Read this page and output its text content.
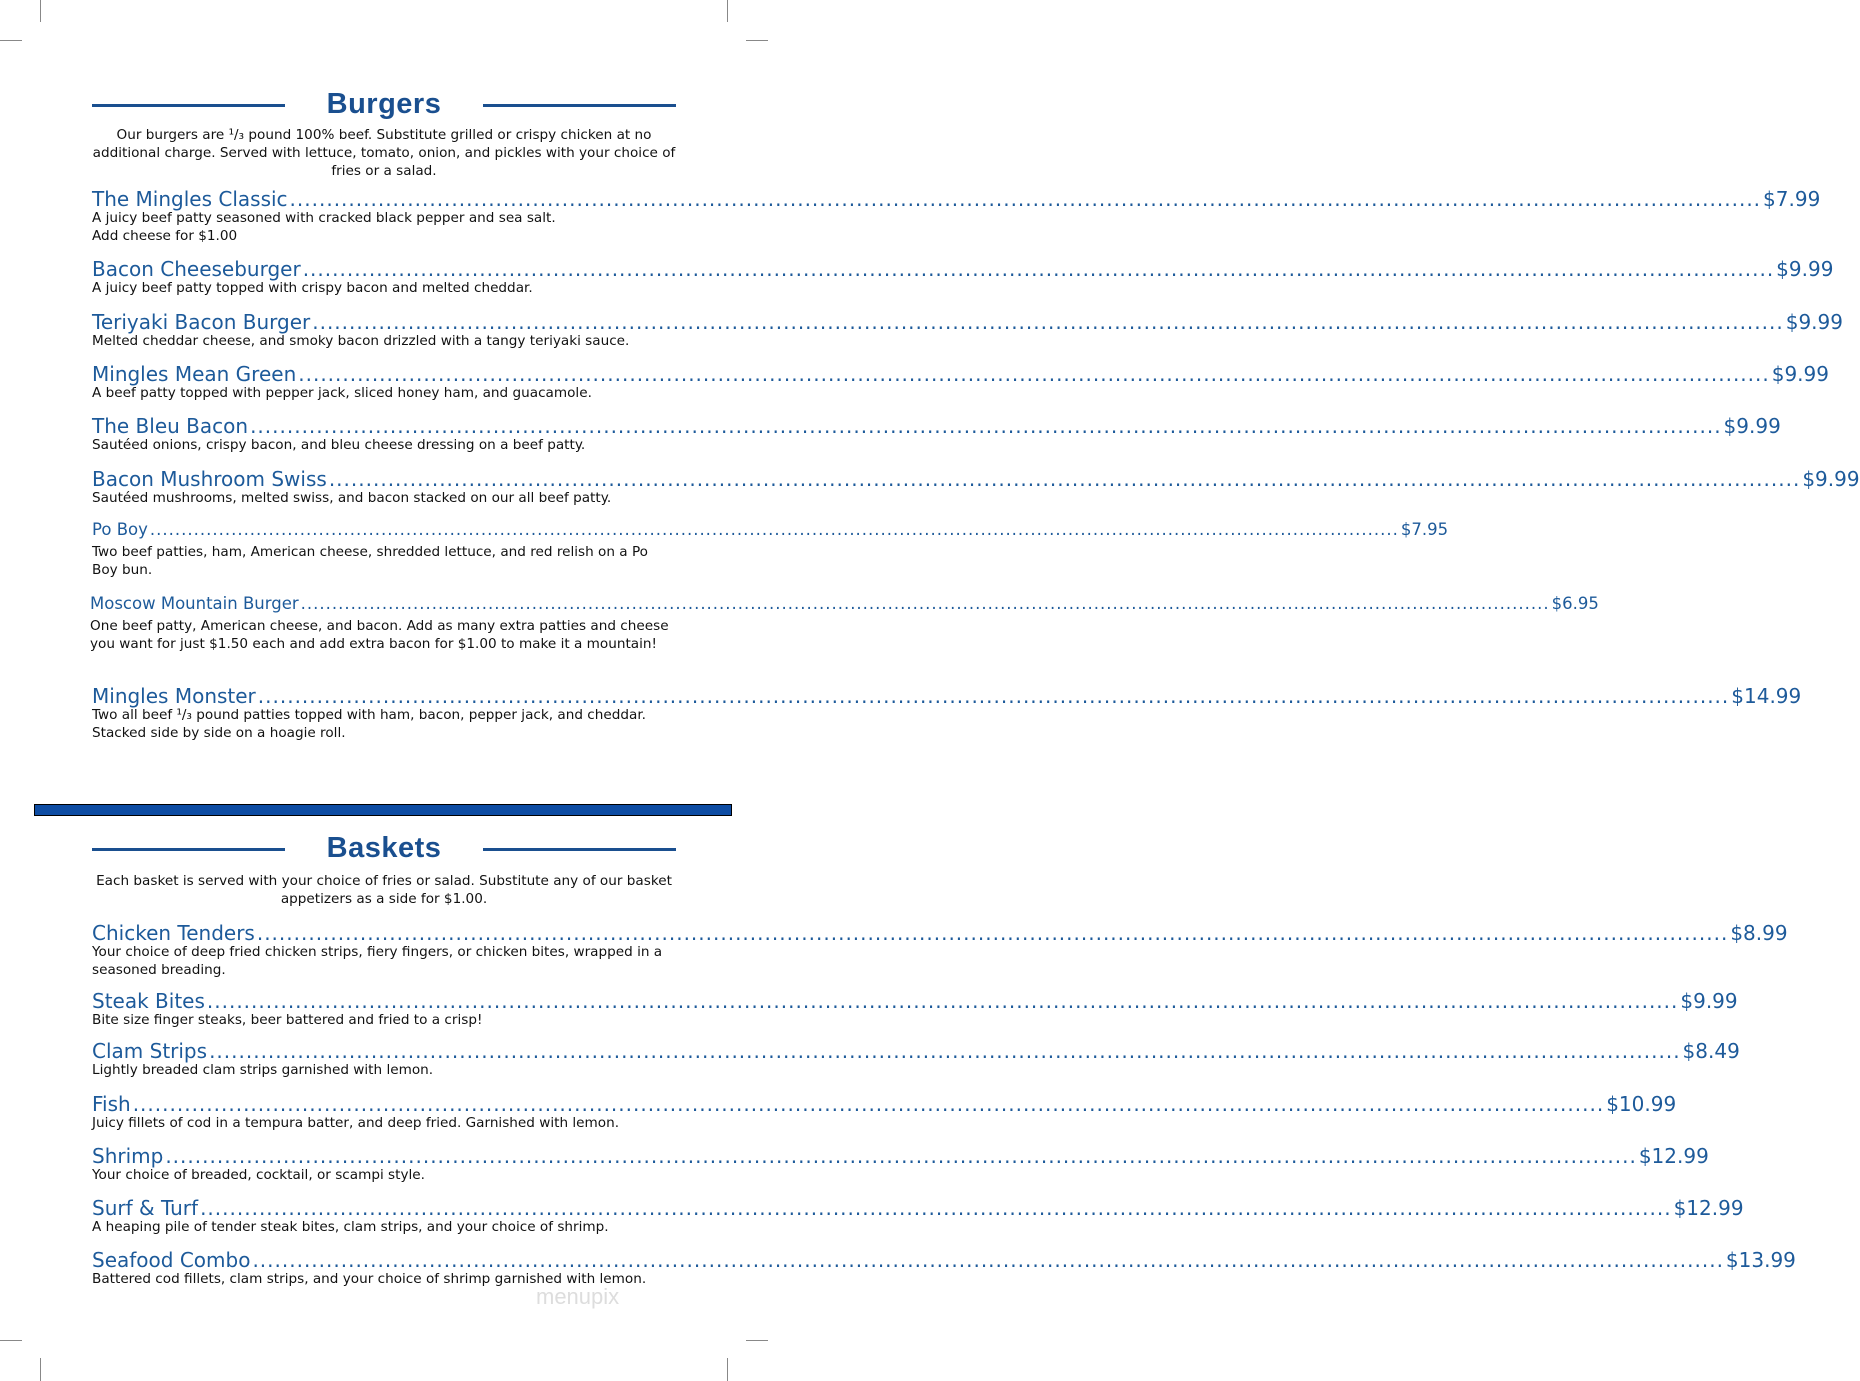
Burgers
Our burgers are ¹/₃ pound 100% beef. Substitute grilled or crispy chicken at no additional charge. Served with lettuce, tomato, onion, and pickles with your choice of fries or a salad.
The Mingles Classic ........................................................................................................................................................................................................ $7.99
A juicy beef patty seasoned with cracked black pepper and sea salt.
Add cheese for $1.00
Bacon Cheeseburger ........................................................................................................................................................................................................ $9.99
A juicy beef patty topped with crispy bacon and melted cheddar.
Teriyaki Bacon Burger ........................................................................................................................................................................................................ $9.99
Melted cheddar cheese, and smoky bacon drizzled with a tangy teriyaki sauce.
Mingles Mean Green ........................................................................................................................................................................................................ $9.99
A beef patty topped with pepper jack, sliced honey ham, and guacamole.
The Bleu Bacon ........................................................................................................................................................................................................ $9.99
Sautéed onions, crispy bacon, and bleu cheese dressing on a beef patty.
Bacon Mushroom Swiss ........................................................................................................................................................................................................ $9.99
Sautéed mushrooms, melted swiss, and bacon stacked on our all beef patty.
Po Boy ........................................................................................................................................................................................................ $7.95
Two beef patties, ham, American cheese, shredded lettuce, and red relish on a Po Boy bun.
Moscow Mountain Burger ........................................................................................................................................................................................................ $6.95
One beef patty, American cheese, and bacon. Add as many extra patties and cheese you want for just $1.50 each and add extra bacon for $1.00 to make it a mountain!
Mingles Monster ........................................................................................................................................................................................................ $14.99
Two all beef ¹/₃ pound patties topped with ham, bacon, pepper jack, and cheddar. Stacked side by side on a hoagie roll.
Baskets
Each basket is served with your choice of fries or salad. Substitute any of our basket appetizers as a side for $1.00.
Chicken Tenders ........................................................................................................................................................................................................ $8.99
Your choice of deep fried chicken strips, fiery fingers, or chicken bites, wrapped in a seasoned breading.
Steak Bites ........................................................................................................................................................................................................ $9.99
Bite size finger steaks, beer battered and fried to a crisp!
Clam Strips ........................................................................................................................................................................................................ $8.49
Lightly breaded clam strips garnished with lemon.
Fish ........................................................................................................................................................................................................ $10.99
Juicy fillets of cod in a tempura batter, and deep fried. Garnished with lemon.
Shrimp ........................................................................................................................................................................................................ $12.99
Your choice of breaded, cocktail, or scampi style.
Surf & Turf ........................................................................................................................................................................................................ $12.99
A heaping pile of tender steak bites, clam strips, and your choice of shrimp.
Seafood Combo ........................................................................................................................................................................................................ $13.99
Battered cod fillets, clam strips, and your choice of shrimp garnished with lemon.
menupix
